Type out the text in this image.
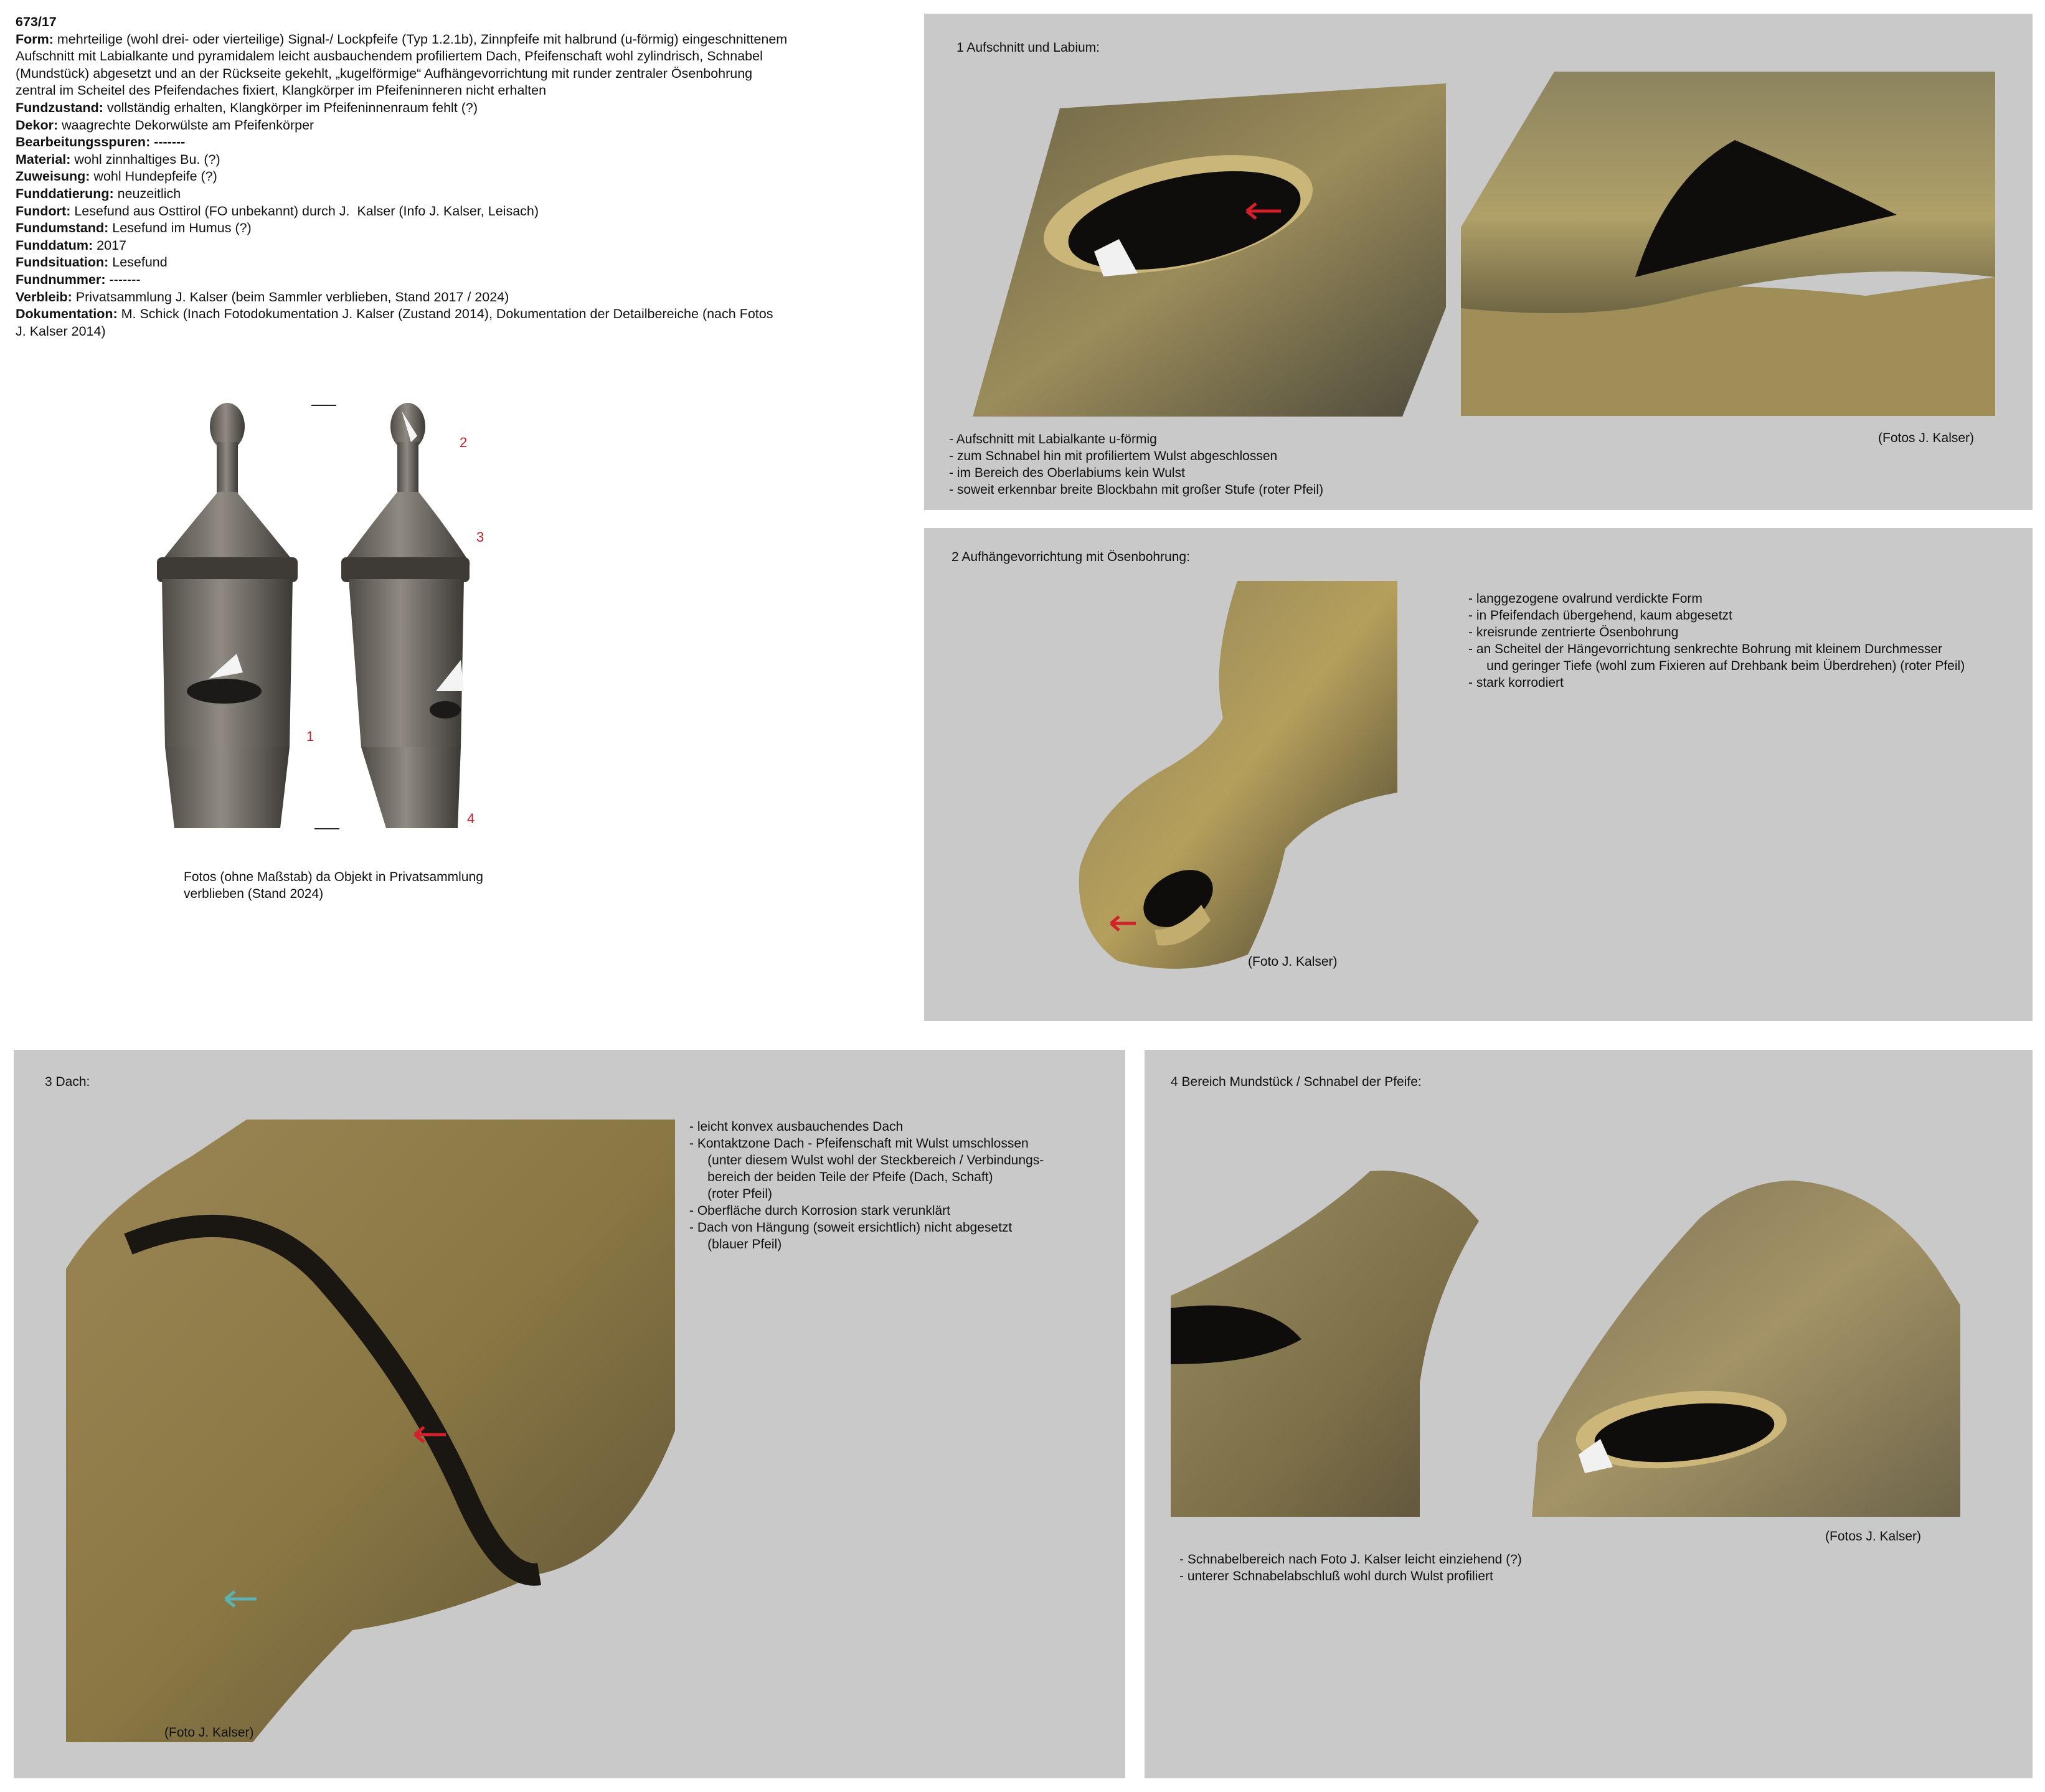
673/17
Form: mehrteilige (wohl drei- oder vierteilige) Signal-/ Lockpfeife (Typ 1.2.1b), Zinnpfeife mit halbrund (u-förmig) eingeschnittenem
Aufschnitt mit Labialkante und pyramidalem leicht ausbauchendem profiliertem Dach, Pfeifenschaft wohl zylindrisch, Schnabel
(Mundstück) abgesetzt und an der Rückseite gekehlt, „kugelförmige“ Aufhängevorrichtung mit runder zentraler Ösenbohrung
zentral im Scheitel des Pfeifendaches fixiert, Klangkörper im Pfeifeninneren nicht erhalten
Fundzustand: vollständig erhalten, Klangkörper im Pfeifeninnenraum fehlt (?)
Dekor: waagrechte Dekorwülste am Pfeifenkörper
Bearbeitungsspuren: -------
Material: wohl zinnhaltiges Bu. (?)
Zuweisung: wohl Hundepfeife (?)
Funddatierung: neuzeitlich
Fundort: Lesefund aus Osttirol (FO unbekannt) durch J.  Kalser (Info J. Kalser, Leisach)
Fundumstand: Lesefund im Humus (?)
Funddatum: 2017
Fundsituation: Lesefund
Fundnummer: -------
Verbleib: Privatsammlung J. Kalser (beim Sammler verblieben, Stand 2017 / 2024)
Dokumentation: M. Schick (Inach Fotodokumentation J. Kalser (Zustand 2014), Dokumentation der Detailbereiche (nach Fotos
J. Kalser 2014)
1
2
3
4
Fotos (ohne Maßstab) da Objekt in Privatsammlung
verblieben (Stand 2024)
1 Aufschnitt und Labium:
- Aufschnitt mit Labialkante u-förmig
- zum Schnabel hin mit profiliertem Wulst abgeschlossen
- im Bereich des Oberlabiums kein Wulst
- soweit erkennbar breite Blockbahn mit großer Stufe (roter Pfeil)
(Fotos J. Kalser)
2 Aufhängevorrichtung mit Ösenbohrung:
- langgezogene ovalrund verdickte Form
- in Pfeifendach übergehend, kaum abgesetzt
- kreisrunde zentrierte Ösenbohrung
- an Scheitel der Hängevorrichtung senkrechte Bohrung mit kleinem Durchmesser
und geringer Tiefe (wohl zum Fixieren auf Drehbank beim Überdrehen) (roter Pfeil)
- stark korrodiert
(Foto J. Kalser)
3 Dach:
- leicht konvex ausbauchendes Dach
- Kontaktzone Dach - Pfeifenschaft mit Wulst umschlossen
(unter diesem Wulst wohl der Steckbereich / Verbindungs-
bereich der beiden Teile der Pfeife (Dach, Schaft)
(roter Pfeil)
- Oberfläche durch Korrosion stark verunklärt
- Dach von Hängung (soweit ersichtlich) nicht abgesetzt
(blauer Pfeil)
(Foto J. Kalser)
4 Bereich Mundstück / Schnabel der Pfeife:
(Fotos J. Kalser)
- Schnabelbereich nach Foto J. Kalser leicht einziehend (?)
- unterer Schnabelabschluß wohl durch Wulst profiliert
